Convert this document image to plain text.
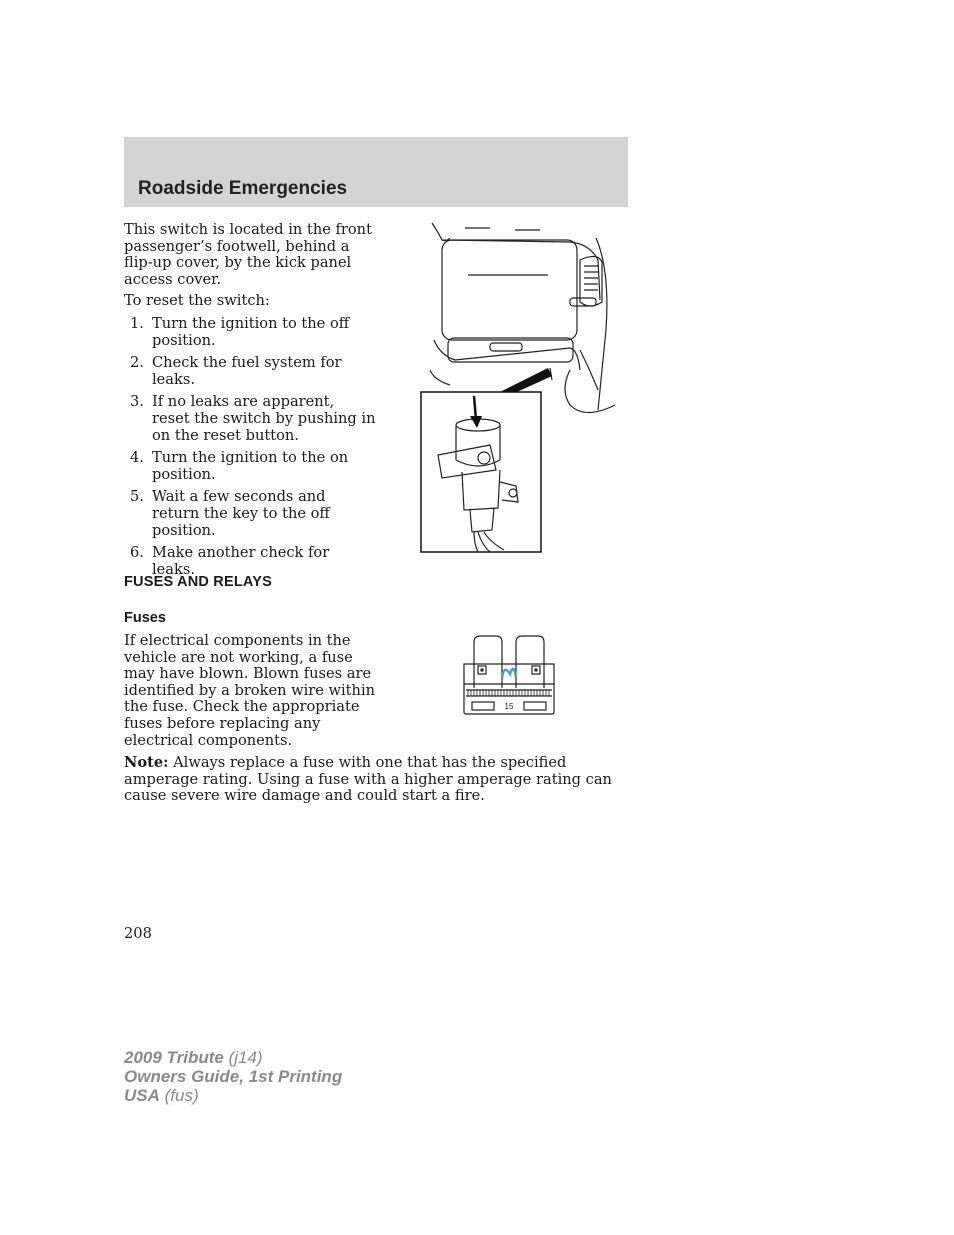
Roadside Emergencies

This switch is located in the front passenger’s footwell, behind a flip-up cover, by the kick panel access cover.

To reset the switch:

1. Turn the ignition to the off position.
2. Check the fuel system for leaks.
3. If no leaks are apparent, reset the switch by pushing in on the reset button.
4. Turn the ignition to the on position.
5. Wait a few seconds and return the key to the off position.
6. Make another check for leaks.
FUSES AND RELAYS
Fuses

If electrical components in the vehicle are not working, a fuse may have blown. Blown fuses are identified by a broken wire within the fuse. Check the appropriate fuses before replacing any electrical components.

15

Note: Always replace a fuse with one that has the specified amperage rating. Using a fuse with a higher amperage rating can cause severe wire damage and could start a fire.

208

2009 Tribute (j14)
Owners Guide, 1st Printing
USA (fus)
